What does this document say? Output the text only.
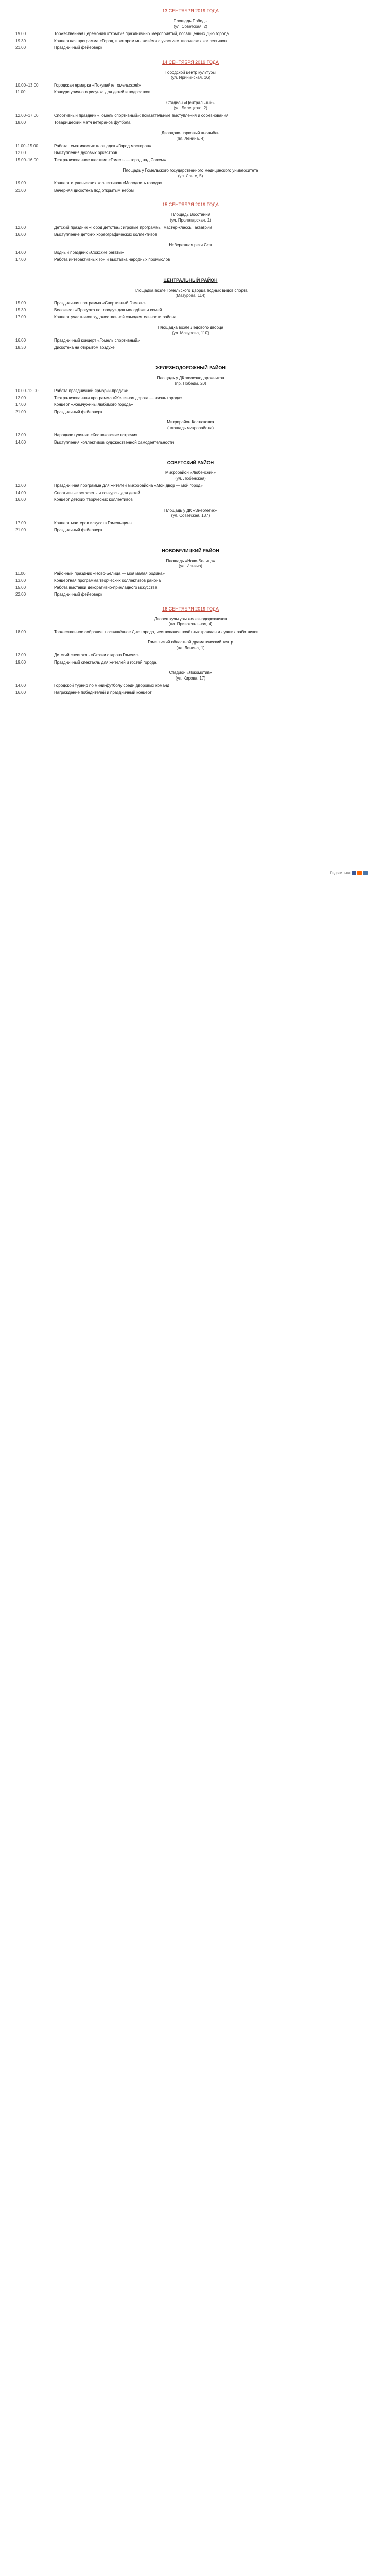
13 СЕНТЯБРЯ 2019 ГОДА
Площадь Победы
(ул. Советская, 2)
19.00	Торжественная церемония открытия праздничных мероприятий, посвящённых Дню города
19.30	Концертная программа «Город, в котором мы живём» с участием творческих коллективов
21.00	Праздничный фейерверк
14 СЕНТЯБРЯ 2019 ГОДА
Городской центр культуры
(ул. Ирининская, 16)
10.00–13.00	Городская ярмарка «Покупайте гомельское!»
11.00	Конкурс уличного рисунка для детей и подростков
Стадион «Центральный»
(ул. Билецкого, 2)
12.00–17.00	Спортивный праздник «Гомель спортивный»: показательные выступления и соревнования
18.00	Товарищеский матч ветеранов футбола
Дворцово-парковый ансамбль
(пл. Ленина, 4)
11.00–15.00	Работа тематических площадок «Город мастеров»
12.00	Выступления духовых оркестров
15.00–16.00	Театрализованное шествие «Гомель — город над Сожем»
Площадь у Гомельского государственного медицинского университета
(ул. Ланге, 5)
19.00	Концерт студенческих коллективов «Молодость города»
21.00	Вечерняя дискотека под открытым небом
15 СЕНТЯБРЯ 2019 ГОДА
Площадь Восстания
(ул. Пролетарская, 1)
12.00	Детский праздник «Город детства»: игровые программы, мастер-классы, аквагрим
16.00	Выступление детских хореографических коллективов
Набережная реки Сож
14.00	Водный праздник «Сожские регаты»
17.00	Работа интерактивных зон и выставка народных промыслов
ЦЕНТРАЛЬНЫЙ РАЙОН
Площадка возле Гомельского Дворца водных видов спорта
(Мазурова, 114)
15.00	Праздничная программа «Спортивный Гомель»
15.30	Велоквест «Прогулка по городу» для молодёжи и семей
17.00	Концерт участников художественной самодеятельности района
Площадка возле Ледового дворца
(ул. Мазурова, 110)
16.00	Праздничный концерт «Гомель спортивный»
18.30	Дискотека на открытом воздухе
ЖЕЛЕЗНОДОРОЖНЫЙ РАЙОН
Площадь у ДК железнодорожников
(пр. Победы, 20)
10.00–12.00	Работа праздничной ярмарки-продажи
12.00	Театрализованная программа «Железная дорога — жизнь города»
17.00	Концерт «Жемчужины любимого города»
21.00	Праздничный фейерверк
Микрорайон Костюковка
(площадь микрорайона)
12.00	Народное гуляние «Костюковские встречи»
14.00	Выступления коллективов художественной самодеятельности
СОВЕТСКИЙ РАЙОН
Микрорайон «Любенский»
(ул. Любенская)
12.00	Праздничная программа для жителей микрорайона «Мой двор — мой город»
14.00	Спортивные эстафеты и конкурсы для детей
16.00	Концерт детских творческих коллективов
Площадь у ДК «Энергетик»
(ул. Советская, 137)
17.00	Концерт мастеров искусств Гомельщины
21.00	Праздничный фейерверк
НОВОБЕЛИЦКИЙ РАЙОН
Площадь «Ново-Белица»
(ул. Ильича)
11.00	Районный праздник «Ново-Белица — моя малая родина»
13.00	Концертная программа творческих коллективов района
15.00	Работа выставки декоративно-прикладного искусства
22.00	Праздничный фейерверк
16 СЕНТЯБРЯ 2019 ГОДА
Дворец культуры железнодорожников
(пл. Привокзальная, 4)
18.00	Торжественное собрание, посвящённое Дню города, чествование почётных граждан и лучших работников
Гомельский областной драматический театр
(пл. Ленина, 1)
12.00	Детский спектакль «Сказки старого Гомеля»
19.00	Праздничный спектакль для жителей и гостей города
Стадион «Локомотив»
(ул. Кирова, 17)
14.00	Городской турнир по мини-футболу среди дворовых команд
16.00	Награждение победителей и праздничный концерт
Поделиться:
